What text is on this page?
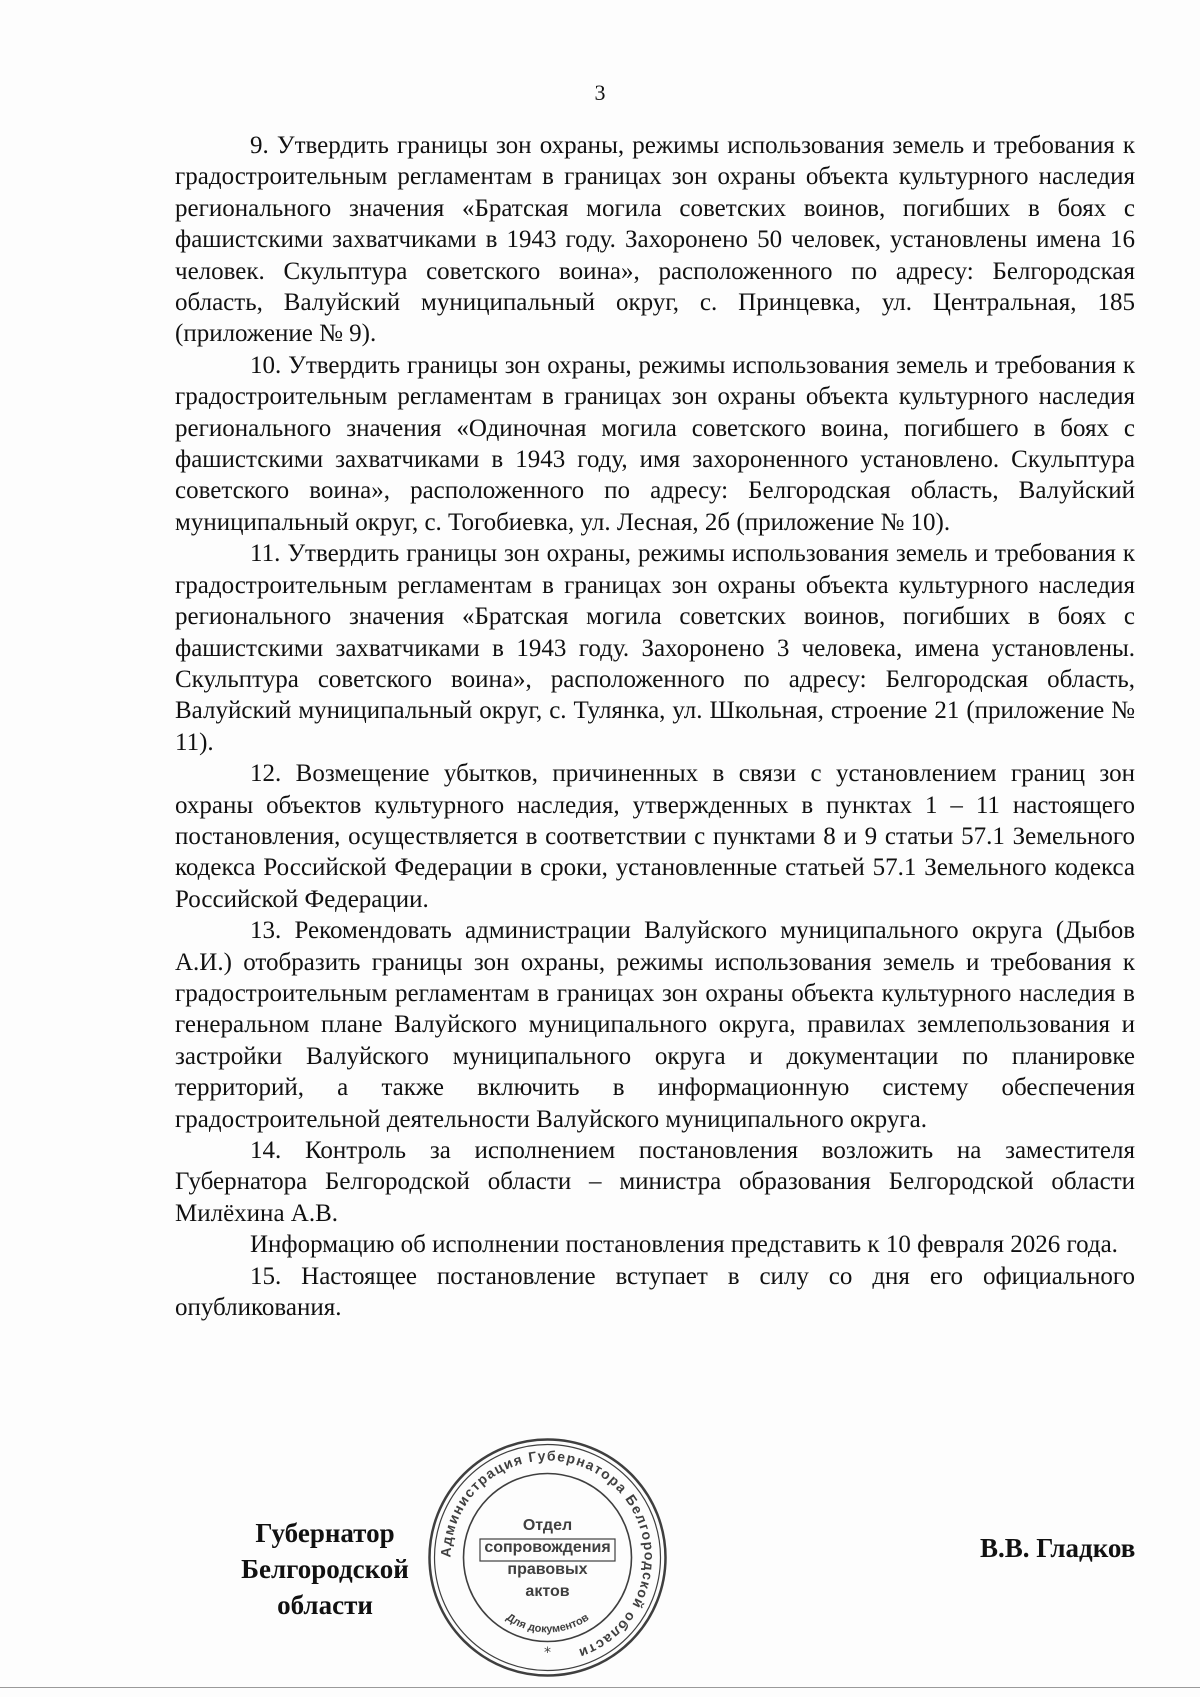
3

9. Утвердить границы зон охраны, режимы использования земель и требования к градостроительным регламентам в границах зон охраны объекта культурного наследия регионального значения «Братская могила советских воинов, погибших в боях с фашистскими захватчиками в 1943 году. Захоронено 50 человек, установлены имена 16 человек. Скульптура советского воина», расположенного по адресу: Белгородская область, Валуйский муниципальный округ, с. Принцевка, ул. Центральная, 185 (приложение № 9).

10. Утвердить границы зон охраны, режимы использования земель и требования к градостроительным регламентам в границах зон охраны объекта культурного наследия регионального значения «Одиночная могила советского воина, погибшего в боях с фашистскими захватчиками в 1943 году, имя захороненного установлено. Скульптура советского воина», расположенного по адресу: Белгородская область, Валуйский муниципальный округ, с. Тогобиевка, ул. Лесная, 2б (приложение № 10).

11. Утвердить границы зон охраны, режимы использования земель и требования к градостроительным регламентам в границах зон охраны объекта культурного наследия регионального значения «Братская могила советских воинов, погибших в боях с фашистскими захватчиками в 1943 году. Захоронено 3 человека, имена установлены. Скульптура советского воина», расположенного по адресу: Белгородская область, Валуйский муниципальный округ, с. Тулянка, ул. Школьная, строение 21 (приложение № 11).

12. Возмещение убытков, причиненных в связи с установлением границ зон охраны объектов культурного наследия, утвержденных в пунктах 1 – 11 настоящего постановления, осуществляется в соответствии с пунктами 8 и 9 статьи 57.1 Земельного кодекса Российской Федерации в сроки, установленные статьей 57.1 Земельного кодекса Российской Федерации.

13. Рекомендовать администрации Валуйского муниципального округа (Дыбов А.И.) отобразить границы зон охраны, режимы использования земель и требования к градостроительным регламентам в границах зон охраны объекта культурного наследия в генеральном плане Валуйского муниципального округа, правилах землепользования и застройки Валуйского муниципального округа и документации по планировке территорий, а также включить в информационную систему обеспечения градостроительной деятельности Валуйского муниципального округа.

14. Контроль за исполнением постановления возложить на заместителя Губернатора Белгородской области – министра образования Белгородской области Милёхина А.В.

Информацию об исполнении постановления представить к 10 февраля 2026 года.

15. Настоящее постановление вступает в силу со дня его официального опубликования.

Губернатор
Белгородской области
В.В. Гладков
Администрация Губернатора Белгородской области
Отдел
сопровождения
правовых
актов
Для документов
*
